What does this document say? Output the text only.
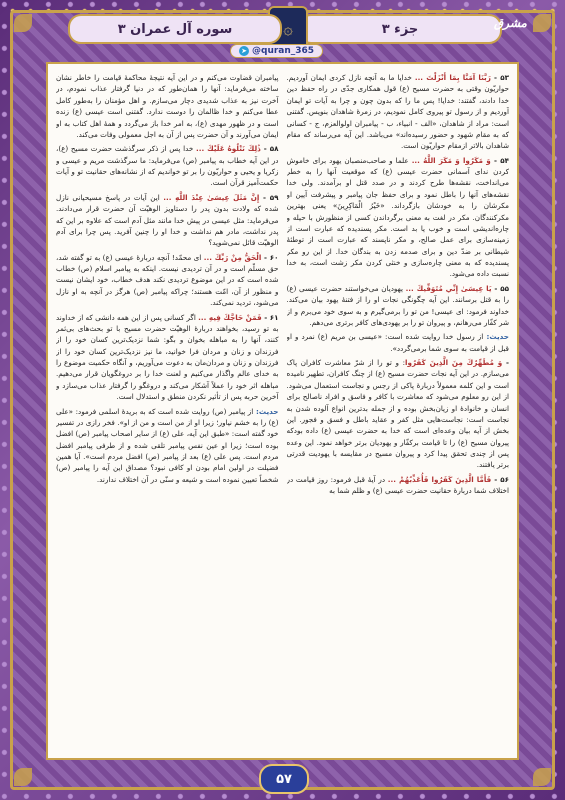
جزء ۳
۞
سوره آل عمران ۳	مشرق
➤ @quran_365

۵۳ - رَبَّنَا آمَنَّا بِمَا أَنْزَلْتَ ... خدایا ما به آنچه نازل کردی ایمان آوردیم. حواریّون وقتی به حضرت مسیح (ع) قول همکاری جدّی در راه حفظ دین خدا دادند، گفتند: خدایا! پس ما را که بدون چون و چرا به آیات تو ایمان آوردیم و از رسول تو پیروی کامل نمودیم، در زمرهٔ شاهدان بنویس. گفتنی است: مراد از شاهدان، «الف - انبیاء، ب - پیامبران اولوالعزم، ج - کسانی که به مقام شهود و حضور رسیده‌اند» می‌باشد. این آیه می‌رساند که مقام شاهدان بالاتر ازمقام حواریّون است.

۵۴ - وَ مَكَرُوا وَ مَكَرَ اللَّهُ ... علما و صاحب‌منصبان یهود برای خاموش کردن ندای آسمانی حضرت عیسی (ع) که موقعیت آنها را به خطر می‌انداخت، نقشه‌ها طرح کردند و در صدد قتل او برآمدند. ولی خدا نقشه‌های آنها را باطل نمود و برای حفظ جان پیامبر و پیشرفت آیین او مکرشان را به خودشان بازگرداند. «خَيْرُ الْمَاكِرِينَ» یعنی بهترین مکرکنندگان. مکر در لغت به معنی برگرداندن کسی از منظورش با حیله و چاره‌اندیشی است و خوب‌ یا بد است. مکر پسندیده که عبارت است از زمینه‌سازی برای عمل صالح، و مکر ناپسند که عبارت است از توطئهٔ شیطانی بر ضدّ دین و برای صدمه زدن به بندگان خدا. از این رو مکر پسندیده که به معنی چاره‌سازی و خنثی کردن مکر زشت است، به خدا نسبت داده می‌شود.

۵۵ - يَا عِيسَىٰ إِنِّي مُتَوَفِّيكَ ... یهودیان می‌خواستند حضرت عیسی (ع) را به قتل برسانند. این آیه چگونگی نجات او را از فتنهٔ یهود بیان می‌کند. خداوند فرمود: ای عیسی! من تو را برمی‌گیرم و به سوی خود می‌برم و از شر کفّار می‌رهانم، و پیروان تو را بر یهودی‌های کافر برتری می‌دهم.

حدیث: از رسول خدا روایت شده است: «عیسی بن مریم (ع) نمرد و او قبل از قیامت به سوی شما برمی‌گردد».

- وَ مُطَهِّرُكَ مِنَ الَّذِينَ كَفَرُوا: و تو را از شرّ معاشرت کافران پاک می‌سازم. در این آیه نجات حضرت مسیح (ع) از چنگ کافران، تطهیر نامیده است و این کلمه معمولاً دربارهٔ پاکی از رجس و نجاست استعمال می‌شود. از این رو معلوم می‌شود که معاشرت با کافر و فاسق و افراد ناصالح برای انسان و خانوادهٔ او زیان‌بخش بوده و از جمله بدترین انواع آلوده شدن به نجاست است: نجاست‌هایی مثل کفر و عقاید باطل و فسق و فجور. این بخش از آیه بیان وعده‌ای است که خدا به حضرت عیسی (ع) داده بودکه پیروان مسیح (ع) را تا قیامت برکفّار و یهودیان برتر خواهد نمود. این وعده پس از چندی تحقق پیدا کرد و پیروان مسیح در مقایسه با یهودیت قدرتی برتر یافتند.

۵۶ - فَأَمَّا الَّذِينَ كَفَرُوا فَأُعَذِّبُهُمْ ... در آیهٔ قبل فرمود: روز قیامت در اختلاف شما دربارهٔ حقانیت حضرت عیسی (ع) و ظلم شما به

پیامبران قضاوت می‌کنم و در این آیه نتیجهٔ محاکمهٔ قیامت را خاطر نشان ساخته می‌فرماید: آنها را همان‌طور که در دنیا گرفتار عذاب نمودم، در آخرت نیز به عذاب شدیدی دچار می‌سازم. و اهل مؤمنان را به‌طور کامل عطا می‌کنم و خدا ظالمان را دوست ندارد. گفتنی است عیسی (ع) زنده است و در ظهور مهدی (ع)، به امر خدا باز می‌گردد و همهٔ اهل کتاب به او ایمان می‌آورند و آن حضرت پس از آن به اجل معمولی وفات می‌کند.

۵۸ - ذَٰلِكَ نَتْلُوهُ عَلَيْكَ ... خدا پس از ذکر سرگذشت حضرت مسیح (ع)، در این آیه خطاب به پیامبر (ص) می‌فرماید: ما سرگذشت مریم و عیسی و زکریا و یحیی و حواریّون را بر تو خواندیم که از نشانه‌های حقانیت تو و آیات حکمت‌آمیز قرآن است.

۵۹ - إِنَّ مَثَلَ عِيسَىٰ عِنْدَ اللَّهِ ... این آیات در پاسخ مسیحیانی نازل شده که ولادت بدون پدر را دستاویز الوهیّت آن حضرت قرار می‌دادند. می‌فرماید: مثل عیسی در پیش خدا مانند مثل آدم است که علاوه بر این که پدر نداشت، مادر هم نداشت و خدا او را چنین آفرید. پس چرا برای آدم الوهیّت قائل نمی‌شوید؟

۶۰ - الْحَقُّ مِنْ رَبِّكَ ... ای محمّد! آنچه دربارهٔ عیسی (ع) به تو گفته شد، حق مسلّم است و در آن تردیدی نیست. اینکه به پیامبر اسلام (ص) خطاب شده است که در این موضوع تردیدی نکند هدف خطاب، خود ایشان نیست و منظور از آن، امّت هستند؛ چراکه پیامبر (ص) هرگز در آنچه به او نازل می‌شود، تردید نمی‌کند.

۶۱ - فَمَنْ حَاجَّكَ فِيهِ ... اگر کسانی پس از این همه دانشی که از خداوند به تو رسید، بخواهند دربارهٔ الوهیّت حضرت مسیح با تو بحث‌های بی‌ثمر کنند، آنها را به مباهله بخوان و بگو: شما نزدیک‌ترین کسان خود را از فرزندان و زنان و مردان فرا خوانید، ما نیز نزدیک‌ترین کسان خود را از فرزندان و زنان و مردان‌مان به دعوت می‌آوریم، و آنگاه حکمیت موضوع را به خدای عالم واگذار می‌کنیم و لعنت خدا را بر دروغگویان قرار می‌دهیم. مباهله اثر خود را عملاً آشکار می‌کند و دروغگو را گرفتار عذاب می‌سازد و آخرین حربه پس از تأثیر نکردن منطق و استدلال است.

حدیث: از پیامبر (ص) روایت شده است که به بریدهٔ اسلمی فرمود: «علی (ع) را به خشم نیاور؛ زیرا او از من است و من از او». فخر رازی در تفسیر خود گفته است: «طبق این آیه، علی (ع) از سایر اصحاب پیامبر (ص) افضل بوده است؛ زیرا او عین نفس پیامبر تلقی شده و از طرفی پیامبر افضل مردم است. پس علی (ع) بعد از پیامبر (ص) افضل مردم است». آیا همین فضیلت در اولین امام بودن او کافی نبود؟ مصداق این آیه را پیامبر (ص) شخصاً تعیین نموده است و شیعه و سنّی در آن اختلاف ندارند.

۵۷
